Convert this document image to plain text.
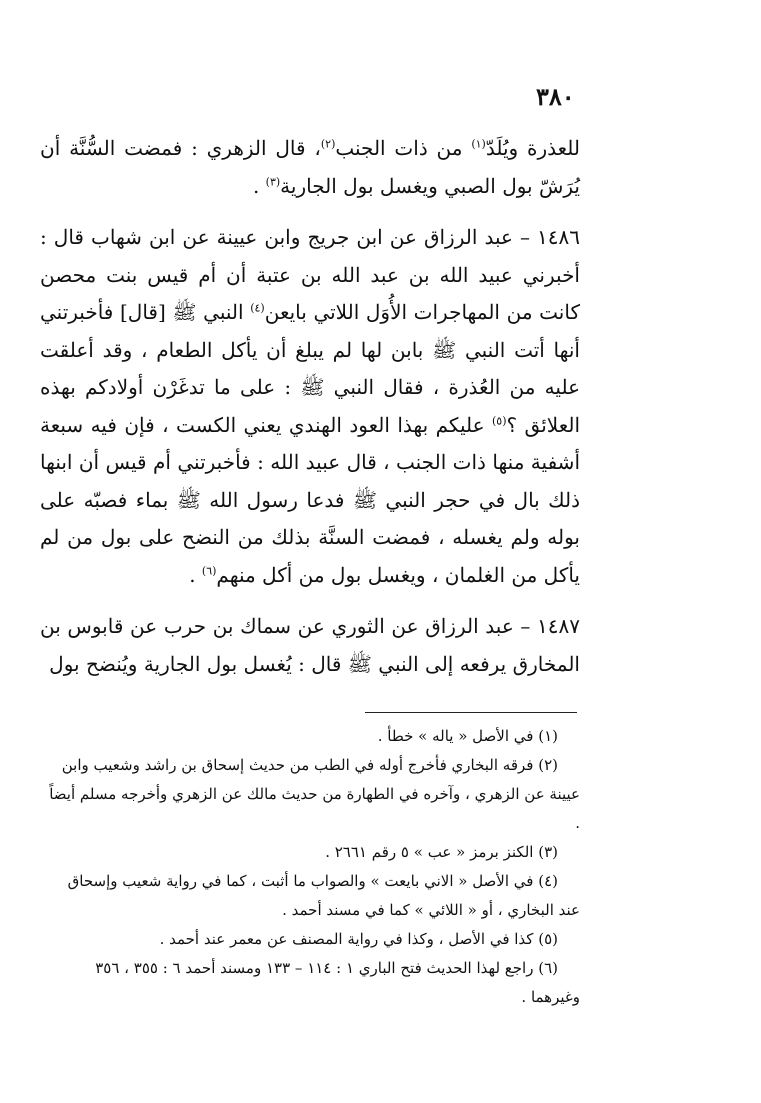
٣٨٠

للعذرة ويُلَدّ$^{(١)}$ من ذات الجنب$^{(٢)}$، قال الزهري : فمضت السُّنَّة أن يُرَشّ بول الصبي ويغسل بول الجارية$^{(٣)}$ .

١٤٨٦ – عبد الرزاق عن ابن جريج وابن عيينة عن ابن شهاب قال : أخبرني عبيد الله بن عبد الله بن عتبة أن أم قيس بنت محصن كانت من المهاجرات الأُوَل اللاتي بايعن$^{(٤)}$ النبي ﷺ [قال] فأخبرتني أنها أتت النبي ﷺ بابن لها لم يبلغ أن يأكل الطعام ، وقد أعلقت عليه من العُذرة ، فقال النبي ﷺ : على ما تدغَرْن أولادكم بهذه العلائق ؟$^{(٥)}$ عليكم بهذا العود الهندي يعني الكست ، فإن فيه سبعة أشفية منها ذات الجنب ، قال عبيد الله : فأخبرتني أم قيس أن ابنها ذلك بال في حجر النبي ﷺ فدعا رسول الله ﷺ بماء فصبّه على بوله ولم يغسله ، فمضت السنَّة بذلك من النضح على بول من لم يأكل من الغلمان ، ويغسل بول من أكل منهم$^{(٦)}$ .

١٤٨٧ – عبد الرزاق عن الثوري عن سماك بن حرب عن قابوس بن المخارق يرفعه إلى النبي ﷺ قال : يُغسل بول الجارية ويُنضح بول

(١) في الأصل « ياله » خطأ .

(٢) فرقه البخاري فأخرج أوله في الطب من حديث إسحاق بن راشد وشعيب وابن

عيينة عن الزهري ، وآخره في الطهارة من حديث مالك عن الزهري وأخرجه مسلم أيضاً .

(٣) الكنز برمز « عب » ٥ رقم ٢٦٦١ .

(٤) في الأصل « الاني بايعت » والصواب ما أثبت ، كما في رواية شعيب وإسحاق

عند البخاري ، أو « اللائي » كما في مسند أحمد .

(٥) كذا في الأصل ، وكذا في رواية المصنف عن معمر عند أحمد .

(٦) راجع لهذا الحديث فتح الباري ١ : ١١٤ – ١٣٣ ومسند أحمد ٦ : ٣٥٥ ، ٣٥٦

وغيرهما .
